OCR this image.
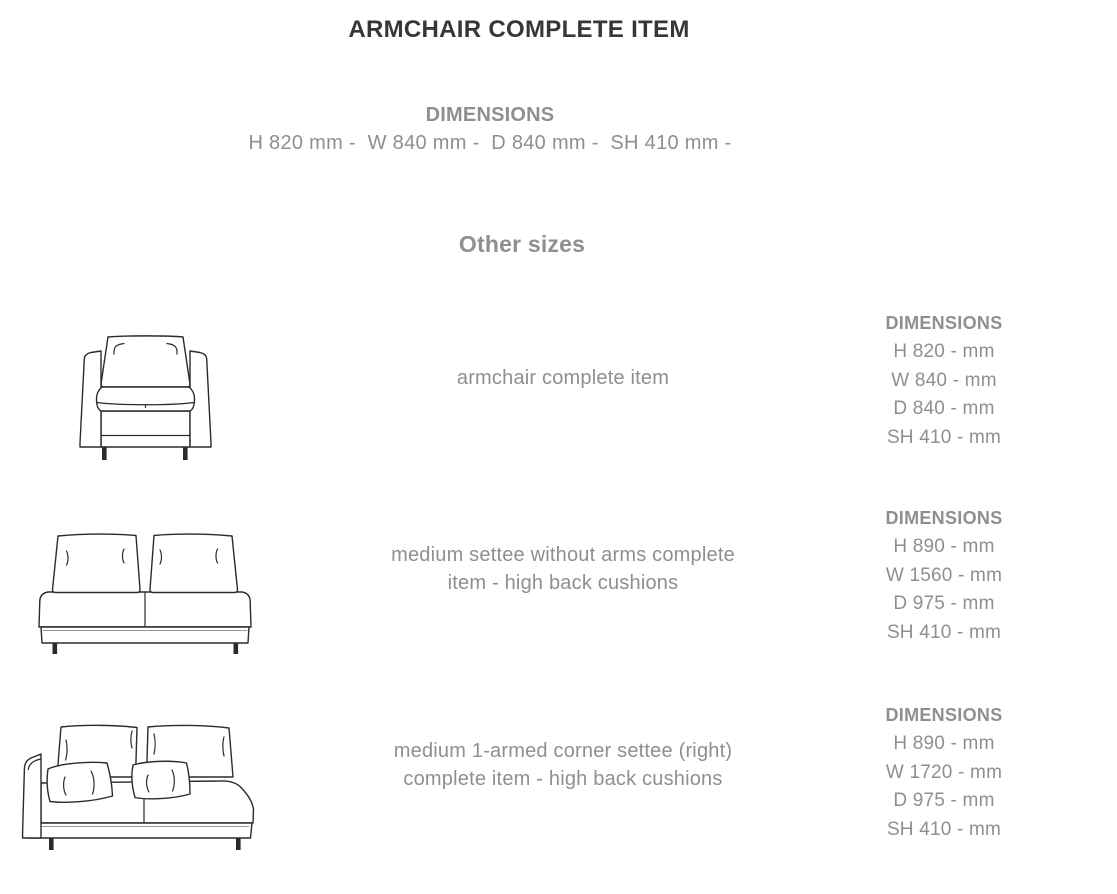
ARMCHAIR COMPLETE ITEM
DIMENSIONS
H 820 mm -  W 840 mm -  D 840 mm -  SH 410 mm -
Other sizes
armchair complete item
DIMENSIONS
H 820 - mm
W 840 - mm
D 840 - mm
SH 410 - mm
medium settee without arms complete
item - high back cushions
DIMENSIONS
H 890 - mm
W 1560 - mm
D 975 - mm
SH 410 - mm
medium 1-armed corner settee (right)
complete item - high back cushions
DIMENSIONS
H 890 - mm
W 1720 - mm
D 975 - mm
SH 410 - mm
